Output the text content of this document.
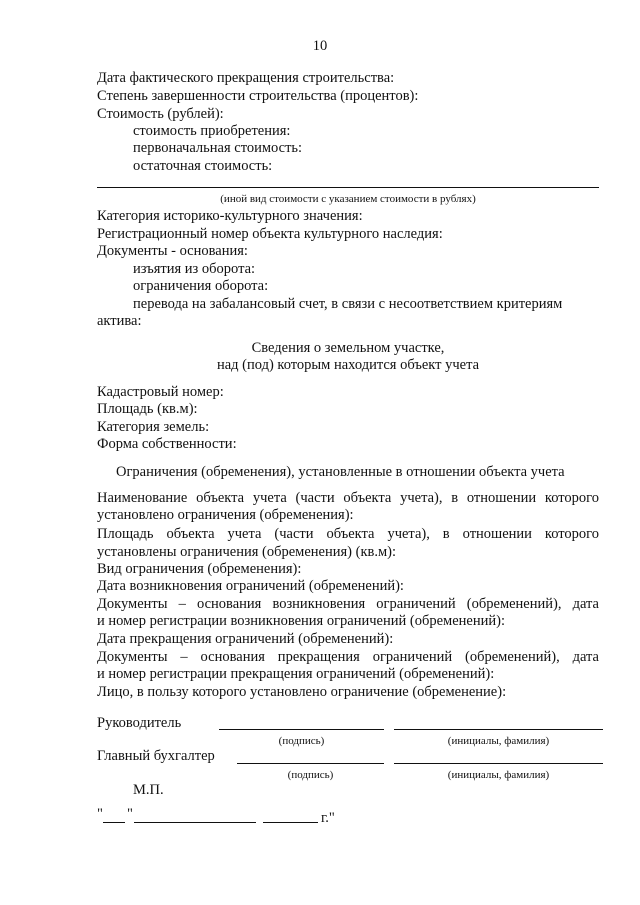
10
Дата фактического прекращения строительства:
Степень завершенности строительства (процентов):
Стоимость (рублей):
стоимость приобретения:
первоначальная стоимость:
остаточная стоимость:
(иной вид стоимости с указанием стоимости в рублях)
Категория историко-культурного значения:
Регистрационный номер объекта культурного наследия:
Документы - основания:
изъятия из оборота:
ограничения оборота:
перевода на забалансовый счет, в связи с несоответствием критериям
актива:
Сведения о земельном участке,
над (под) которым находится объект учета
Кадастровый номер:
Площадь (кв.м):
Категория земель:
Форма собственности:
Ограничения (обременения), установленные в отношении объекта учета
Наименование объекта учета (части объекта учета), в отношении которого
установлено ограничения (обременения):
Площадь объекта учета (части объекта учета), в отношении которого
установлены ограничения (обременения) (кв.м):
Вид ограничения (обременения):
Дата возникновения ограничений (обременений):
Документы – основания возникновения ограничений (обременений), дата
и номер регистрации возникновения ограничений (обременений):
Дата прекращения ограничений (обременений):
Документы – основания прекращения ограничений (обременений), дата
и номер регистрации прекращения ограничений (обременений):
Лицо, в пользу которого установлено ограничение (обременение):
Руководитель
(подпись)	(инициалы, фамилия)
Главный бухгалтер
(подпись)	(инициалы, фамилия)
М.П.
" "	г."
